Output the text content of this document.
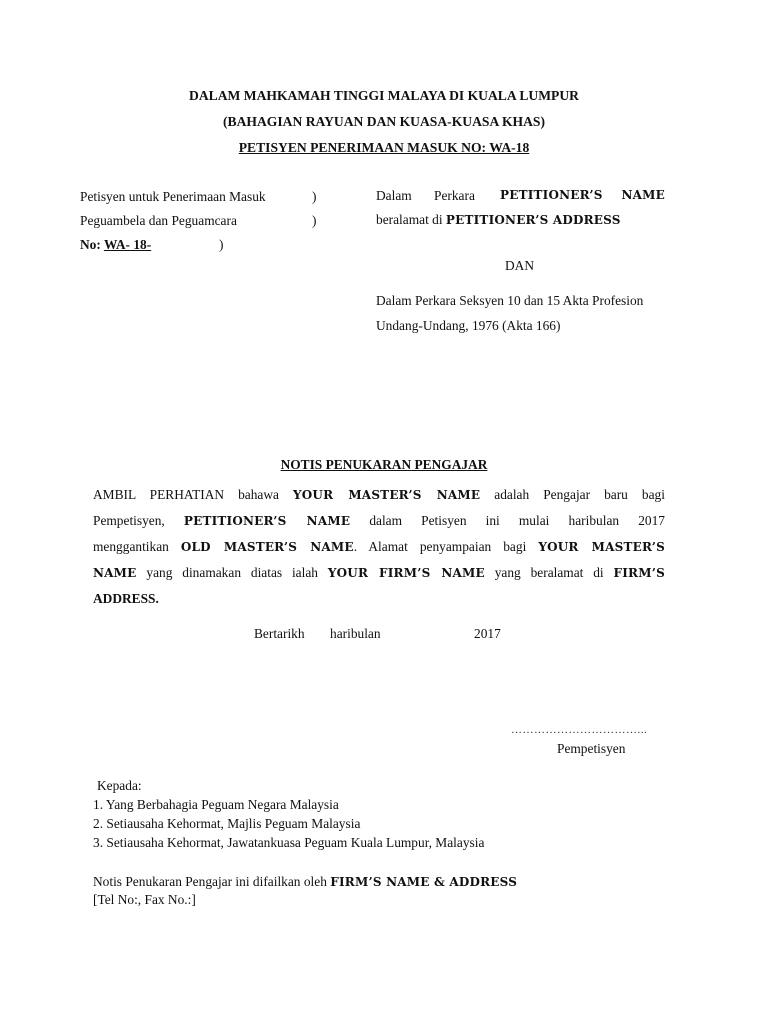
DALAM MAHKAMAH TINGGI MALAYA DI KUALA LUMPUR
(BAHAGIAN RAYUAN DAN KUASA-KUASA KHAS)
PETISYEN PENERIMAAN MASUK NO: WA-18
Petisyen untuk Penerimaan Masuk	)
Peguambela dan Peguamcara	)
No: WA- 18-	)
Dalam Perkara PETITIONER’S NAME
beralamat di PETITIONER’S ADDRESS
DAN
Dalam Perkara Seksyen 10 dan 15 Akta Profesion
Undang-Undang, 1976 (Akta 166)
NOTIS PENUKARAN PENGAJAR
AMBIL PERHATIAN bahawa YOUR MASTER’S NAME adalah Pengajar baru bagi
Pempetisyen, PETITIONER’S NAME dalam Petisyen ini mulai haribulan 2017
menggantikan OLD MASTER’S NAME. Alamat penyampaian bagi YOUR MASTER’S
NAME yang dinamakan diatas ialah YOUR FIRM’S NAME yang beralamat di FIRM’S
ADDRESS.
Bertarikh haribulan	2017
……………………………...
Pempetisyen
Kepada:
1. Yang Berbahagia Peguam Negara Malaysia
2. Setiausaha Kehormat, Majlis Peguam Malaysia
3. Setiausaha Kehormat, Jawatankuasa Peguam Kuala Lumpur, Malaysia
Notis Penukaran Pengajar ini difailkan oleh FIRM’S NAME & ADDRESS
[Tel No:, Fax No.:]
